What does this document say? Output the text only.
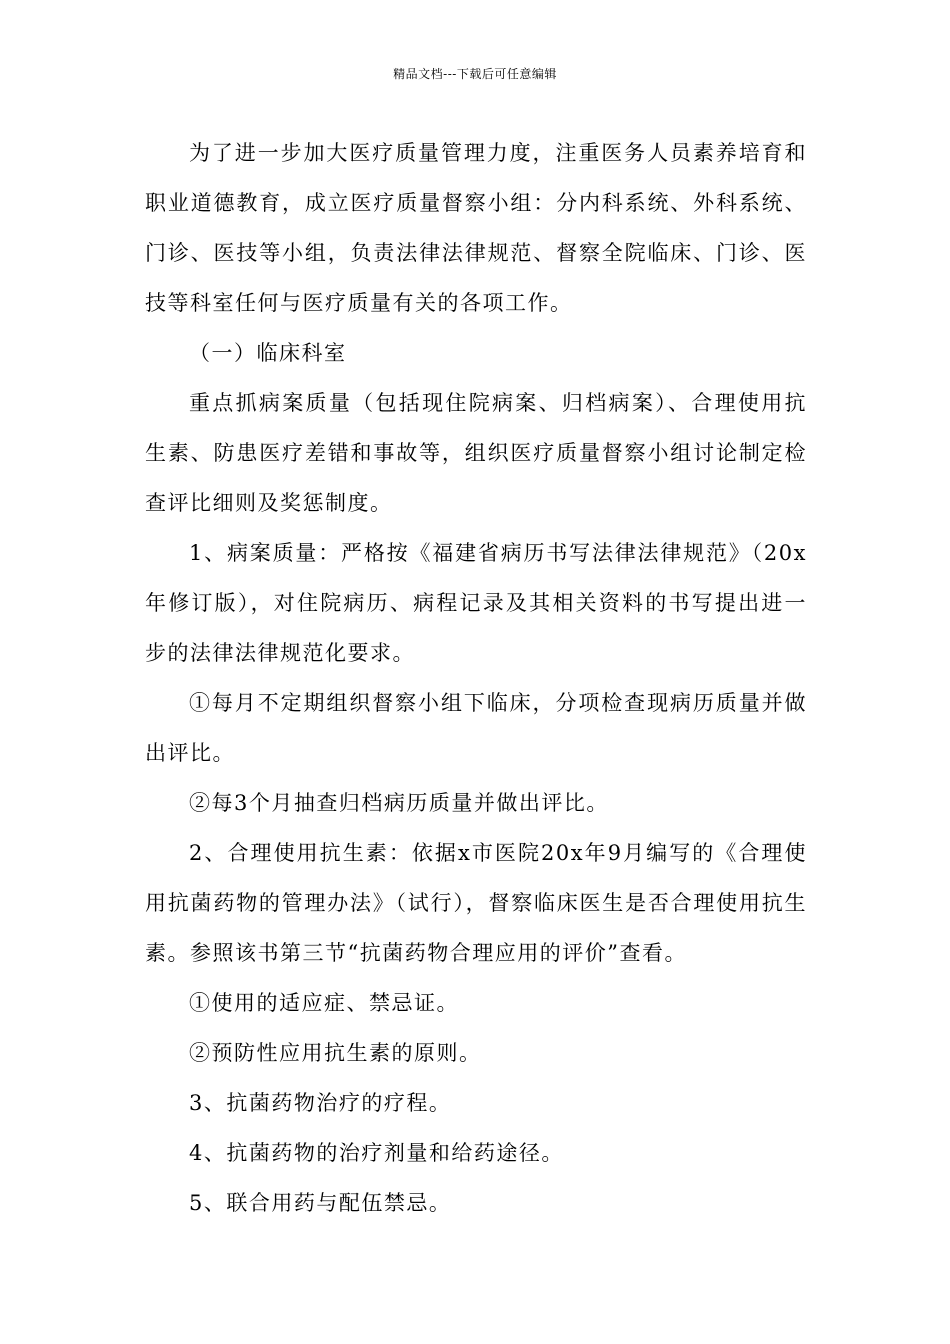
精品文档---下载后可任意编辑

为了进一步加大医疗质量管理力度，注重医务人员素养培育和职业道德教育，成立医疗质量督察小组：分内科系统、外科系统、门诊、医技等小组，负责法律法律规范、督察全院临床、门诊、医技等科室任何与医疗质量有关的各项工作。

（一）临床科室

重点抓病案质量（包括现住院病案、归档病案）、合理使用抗生素、防患医疗差错和事故等，组织医疗质量督察小组讨论制定检查评比细则及奖惩制度。

1、病案质量：严格按《福建省病历书写法律法律规范》（20x年修订版），对住院病历、病程记录及其相关资料的书写提出进一步的法律法律规范化要求。

①每月不定期组织督察小组下临床，分项检查现病历质量并做出评比。

②每3个月抽查归档病历质量并做出评比。

2、合理使用抗生素：依据x市医院20x年9月编写的《合理使用抗菌药物的管理办法》（试行），督察临床医生是否合理使用抗生素。参照该书第三节“抗菌药物合理应用的评价”查看。

①使用的适应症、禁忌证。

②预防性应用抗生素的原则。

3、抗菌药物治疗的疗程。

4、抗菌药物的治疗剂量和给药途径。

5、联合用药与配伍禁忌。
